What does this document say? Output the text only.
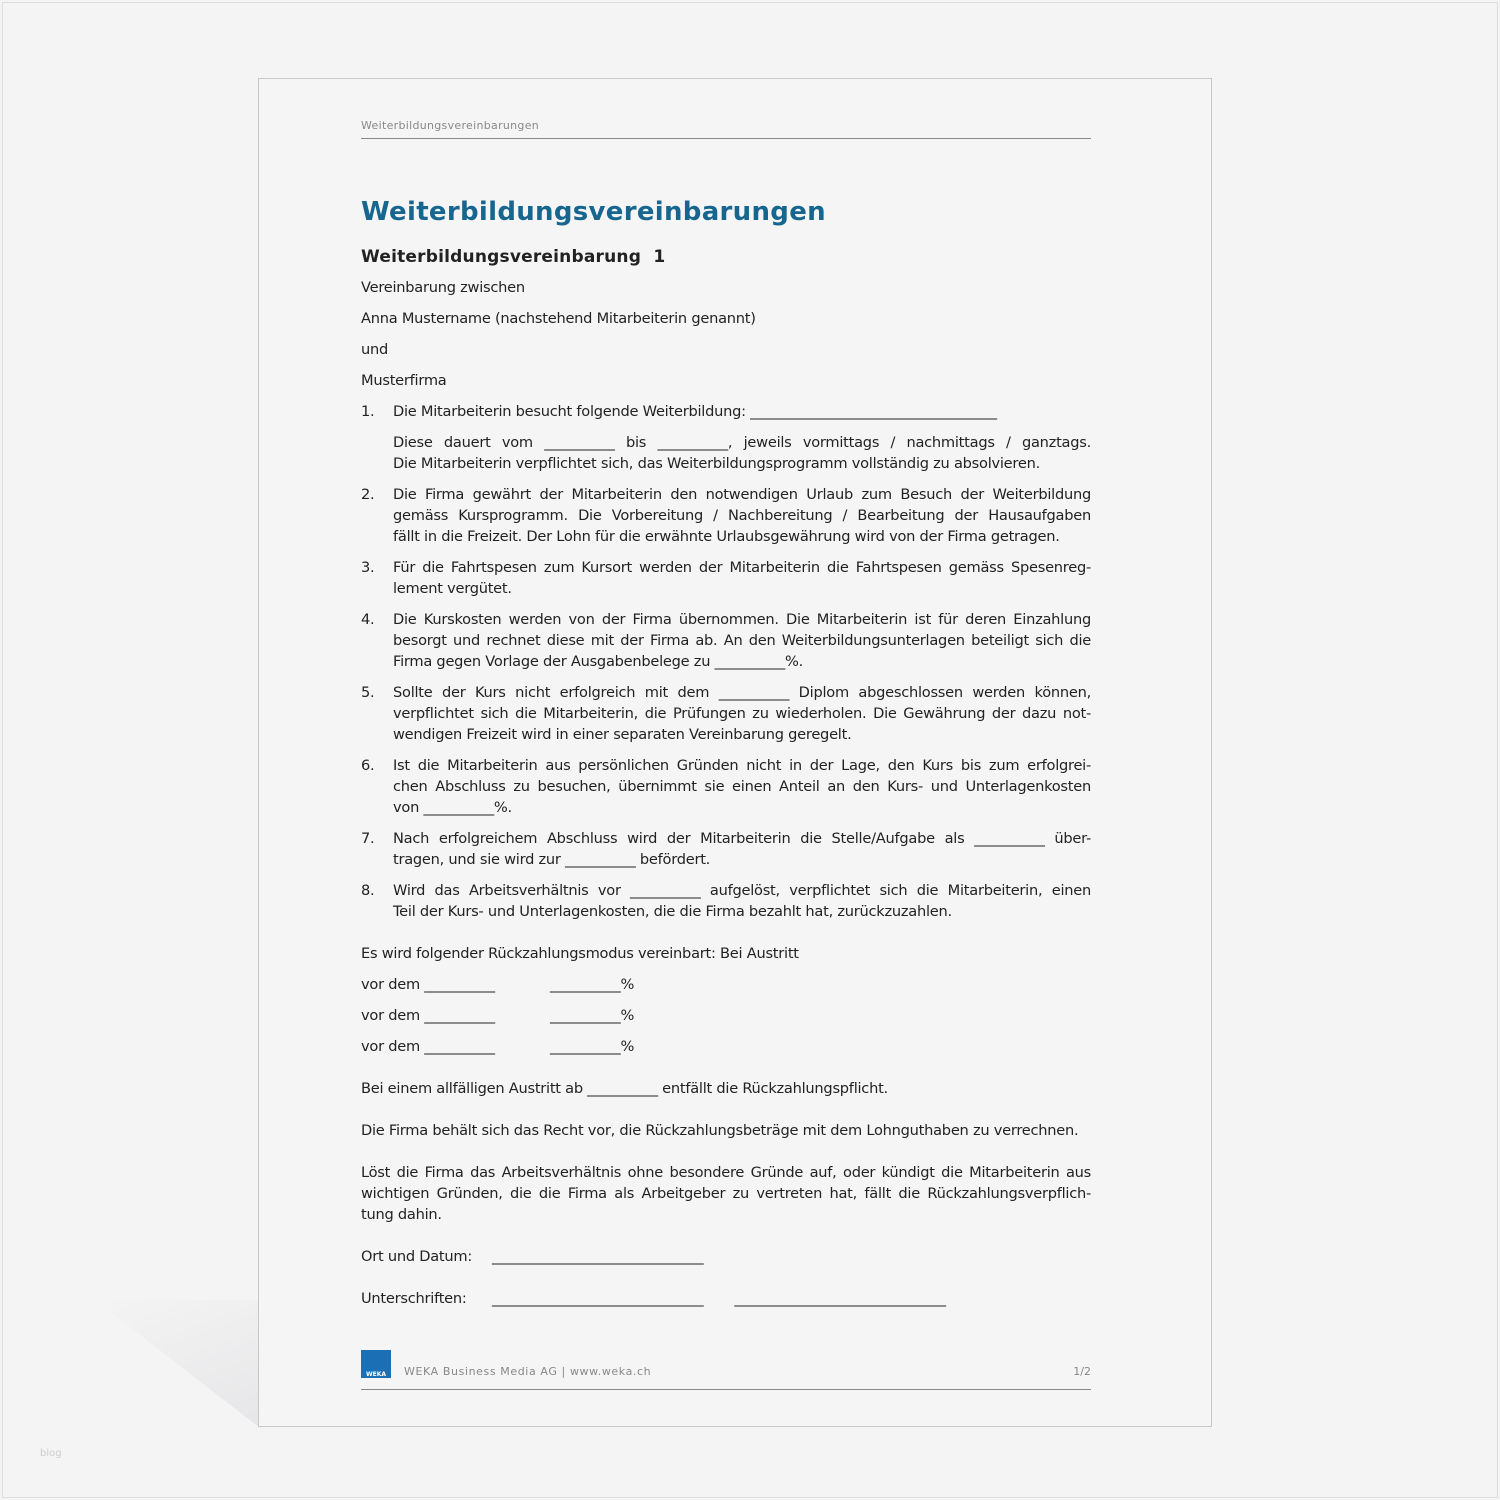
Weiterbildungsvereinbarungen
Weiterbildungsvereinbarungen
Weiterbildungsvereinbarung  1
Vereinbarung zwischen
Anna Mustername (nachstehend Mitarbeiterin genannt)
und
Musterfirma
1.	Die Mitarbeiterin besucht folgende Weiterbildung: ___________________________________
Diese dauert vom __________ bis __________, jeweils vormittags / nachmittags / ganztags.
Die Mitarbeiterin verpflichtet sich, das Weiterbildungsprogramm vollständig zu absolvieren.
2.	Die Firma gewährt der Mitarbeiterin den notwendigen Urlaub zum Besuch der Weiterbildung
gemäss Kursprogramm. Die Vorbereitung / Nachbereitung / Bearbeitung der Hausaufgaben
fällt in die Freizeit. Der Lohn für die erwähnte Urlaubsgewährung wird von der Firma getragen.
3.	Für die Fahrtspesen zum Kursort werden der Mitarbeiterin die Fahrtspesen gemäss Spesenreg-
lement vergütet.
4.	Die Kurskosten werden von der Firma übernommen. Die Mitarbeiterin ist für deren Einzahlung
besorgt und rechnet diese mit der Firma ab. An den Weiterbildungsunterlagen beteiligt sich die
Firma gegen Vorlage der Ausgabenbelege zu __________%.
5.	Sollte der Kurs nicht erfolgreich mit dem __________ Diplom abgeschlossen werden können,
verpflichtet sich die Mitarbeiterin, die Prüfungen zu wiederholen. Die Gewährung der dazu not-
wendigen Freizeit wird in einer separaten Vereinbarung geregelt.
6.	Ist die Mitarbeiterin aus persönlichen Gründen nicht in der Lage, den Kurs bis zum erfolgrei-
chen Abschluss zu besuchen, übernimmt sie einen Anteil an den Kurs- und Unterlagenkosten
von __________%.
7.	Nach erfolgreichem Abschluss wird der Mitarbeiterin die Stelle/Aufgabe als __________ über-
tragen, und sie wird zur __________ befördert.
8.	Wird das Arbeitsverhältnis vor __________ aufgelöst, verpflichtet sich die Mitarbeiterin, einen
Teil der Kurs- und Unterlagenkosten, die die Firma bezahlt hat, zurückzuzahlen.
Es wird folgender Rückzahlungsmodus vereinbart: Bei Austritt
vor dem __________	__________%
vor dem __________	__________%
vor dem __________	__________%
Bei einem allfälligen Austritt ab __________ entfällt die Rückzahlungspflicht.
Die Firma behält sich das Recht vor, die Rückzahlungsbeträge mit dem Lohnguthaben zu verrechnen.
Löst die Firma das Arbeitsverhältnis ohne besondere Gründe auf, oder kündigt die Mitarbeiterin aus
wichtigen Gründen, die die Firma als Arbeitgeber zu vertreten hat, fällt die Rückzahlungsverpflich-
tung dahin.
Ort und Datum:	______________________________
Unterschriften:	______________________________ ______________________________
WEKA	WEKA Business Media AG | www.weka.ch	1/2
blog
